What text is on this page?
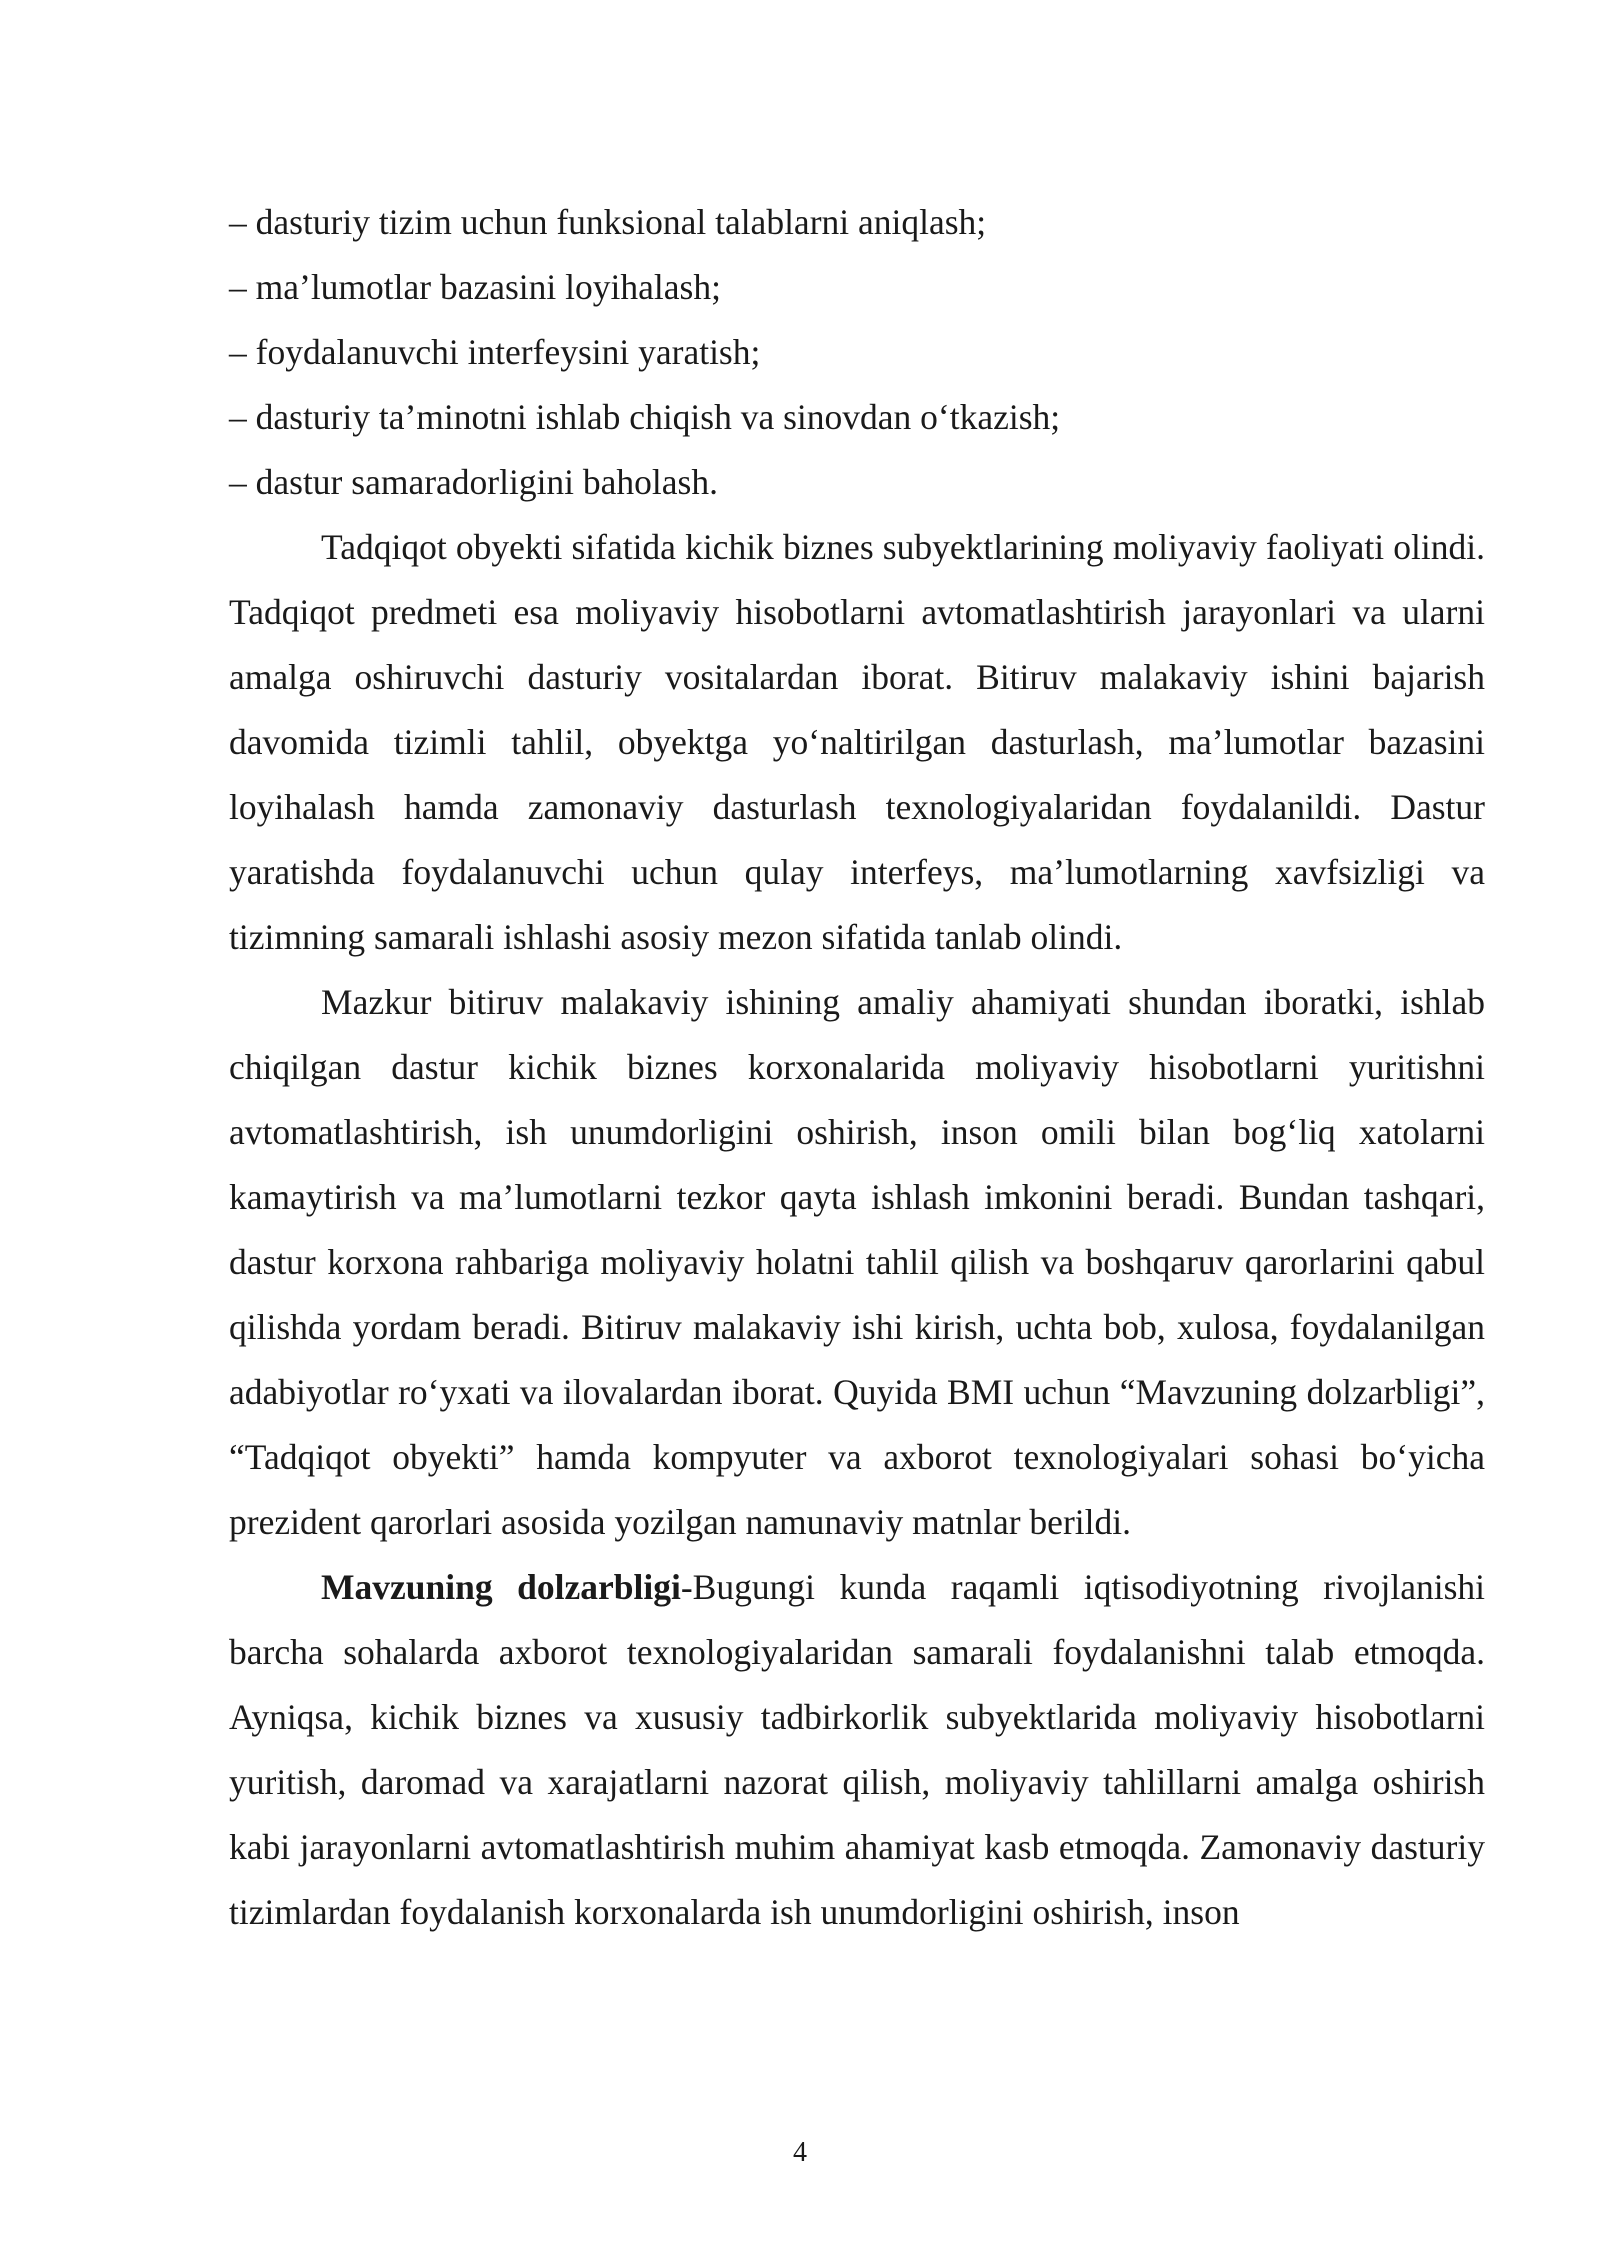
– dasturiy tizim uchun funksional talablarni aniqlash;

– ma’lumotlar bazasini loyihalash;

– foydalanuvchi interfeysini yaratish;

– dasturiy ta’minotni ishlab chiqish va sinovdan o‘tkazish;

– dastur samaradorligini baholash.

Tadqiqot obyekti sifatida kichik biznes subyektlarining moliyaviy faoliyati olindi. Tadqiqot predmeti esa moliyaviy hisobotlarni avtomatlashtirish jarayonlari va ularni amalga oshiruvchi dasturiy vositalardan iborat. Bitiruv malakaviy ishini bajarish davomida tizimli tahlil, obyektga yo‘naltirilgan dasturlash, ma’lumotlar bazasini loyihalash hamda zamonaviy dasturlash texnologiyalaridan foydalanildi. Dastur yaratishda foydalanuvchi uchun qulay interfeys, ma’lumotlarning xavfsizligi va tizimning samarali ishlashi asosiy mezon sifatida tanlab olindi.

Mazkur bitiruv malakaviy ishining amaliy ahamiyati shundan iboratki, ishlab chiqilgan dastur kichik biznes korxonalarida moliyaviy hisobotlarni yuritishni avtomatlashtirish, ish unumdorligini oshirish, inson omili bilan bog‘liq xatolarni kamaytirish va ma’lumotlarni tezkor qayta ishlash imkonini beradi. Bundan tashqari, dastur korxona rahbariga moliyaviy holatni tahlil qilish va boshqaruv qarorlarini qabul qilishda yordam beradi. Bitiruv malakaviy ishi kirish, uchta bob, xulosa, foydalanilgan adabiyotlar ro‘yxati va ilovalardan iborat. Quyida BMI uchun “Mavzuning dolzarbligi”, “Tadqiqot obyekti” hamda kompyuter va axborot texnologiyalari sohasi bo‘yicha prezident qarorlari asosida yozilgan namunaviy matnlar berildi.

Mavzuning dolzarbligi-Bugungi kunda raqamli iqtisodiyotning rivojlanishi barcha sohalarda axborot texnologiyalaridan samarali foydalanishni talab etmoqda. Ayniqsa, kichik biznes va xususiy tadbirkorlik subyektlarida moliyaviy hisobotlarni yuritish, daromad va xarajatlarni nazorat qilish, moliyaviy tahlillarni amalga oshirish kabi jarayonlarni avtomatlashtirish muhim ahamiyat kasb etmoqda. Zamonaviy dasturiy tizimlardan foydalanish korxonalarda ish unumdorligini oshirish, inson

4
